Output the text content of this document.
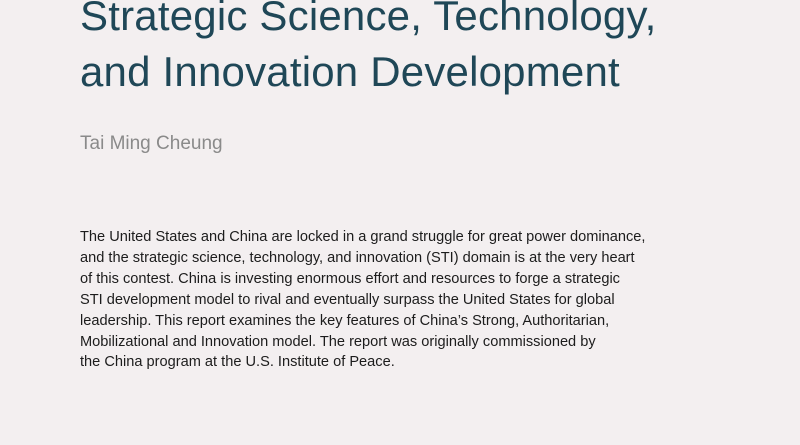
Strategic Science, Technology,
and Innovation Development

Tai Ming Cheung

The United States and China are locked in a grand struggle for great power dominance,
and the strategic science, technology, and innovation (STI) domain is at the very heart
of this contest. China is investing enormous effort and resources to forge a strategic
STI development model to rival and eventually surpass the United States for global
leadership. This report examines the key features of China’s Strong, Authoritarian,
Mobilizational and Innovation model. The report was originally commissioned by
the China program at the U.S. Institute of Peace.
